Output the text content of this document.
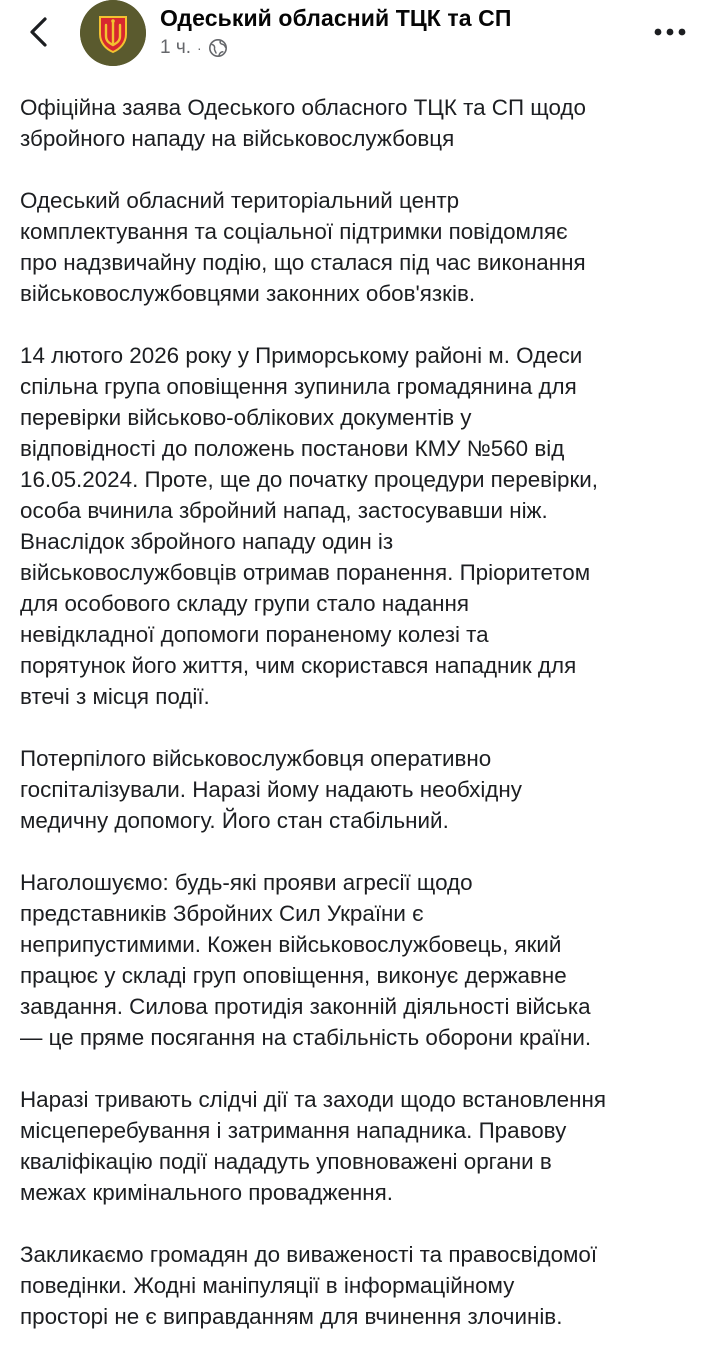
Одеський обласний ТЦК та СП
1 ч. ·

Офіційна заява Одеського обласного ТЦК та СП щодо
збройного нападу на військовослужбовця

Одеський обласний територіальний центр
комплектування та соціальної підтримки повідомляє
про надзвичайну подію, що сталася під час виконання
військовослужбовцями законних обов'язків.

14 лютого 2026 року у Приморському районі м. Одеси
спільна група оповіщення зупинила громадянина для
перевірки військово-облікових документів у
відповідності до положень постанови КМУ №560 від
16.05.2024. Проте, ще до початку процедури перевірки,
особа вчинила збройний напад, застосувавши ніж.
Внаслідок збройного нападу один із
військовослужбовців отримав поранення. Пріоритетом
для особового складу групи стало надання
невідкладної допомоги пораненому колезі та
порятунок його життя, чим скористався нападник для
втечі з місця події.

Потерпілого військовослужбовця оперативно
госпіталізували. Наразі йому надають необхідну
медичну допомогу. Його стан стабільний.

Наголошуємо: будь-які прояви агресії щодо
представників Збройних Сил України є
неприпустимими. Кожен військовослужбовець, який
працює у складі груп оповіщення, виконує державне
завдання. Силова протидія законній діяльності війська
— це пряме посягання на стабільність оборони країни.

Наразі тривають слідчі дії та заходи щодо встановлення
місцеперебування і затримання нападника. Правову
кваліфікацію події нададуть уповноважені органи в
межах кримінального провадження.

Закликаємо громадян до виваженості та правосвідомої
поведінки. Жодні маніпуляції в інформаційному
просторі не є виправданням для вчинення злочинів.
